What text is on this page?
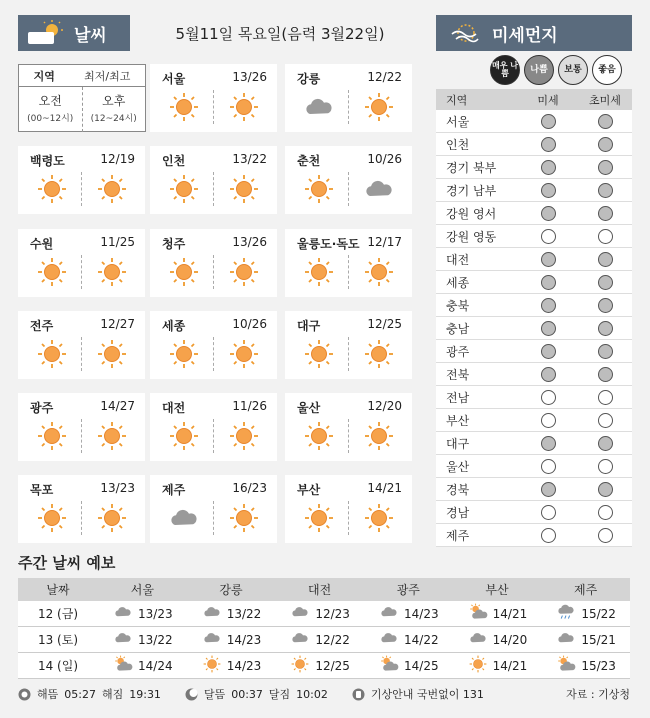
날씨	5월11일 목요일(음력 3월22일)	미세먼지
지역	최저/최고
오전
(00~12시)
오후
(12~24시)
서울	13/26	강릉	12/22
백령도	12/19 인천	13/22	춘천	10/26
수원	11/25 청주	13/26	울릉도·독도 12/17
전주	12/27 세종	10/26	대구	12/25
광주	14/27 대전	11/26	울산	12/20
목포	13/23 제주	16/23	부산	14/21
매우 나쁨	나쁨	보통	좋음
지역	미세	초미세
서울
인천
경기 북부
경기 남부
강원 영서
강원 영동
대전
세종
충북
충남
광주
전북
전남
부산
대구
울산
경북
경남
제주
주간 날씨 예보
날짜	서울	강릉	대전	광주	부산	제주
12 (금)	13/23	13/22	12/23	14/23	14/21	15/22
13 (토)	13/22	14/23	12/22	14/22	14/20	15/21
14 (일)	14/24	14/23	12/25	14/25	14/21	15/23
해뜸 05:27 해짐 19:31	달뜸 00:37 달짐 10:02	기상안내 국번없이 131	자료 : 기상청
